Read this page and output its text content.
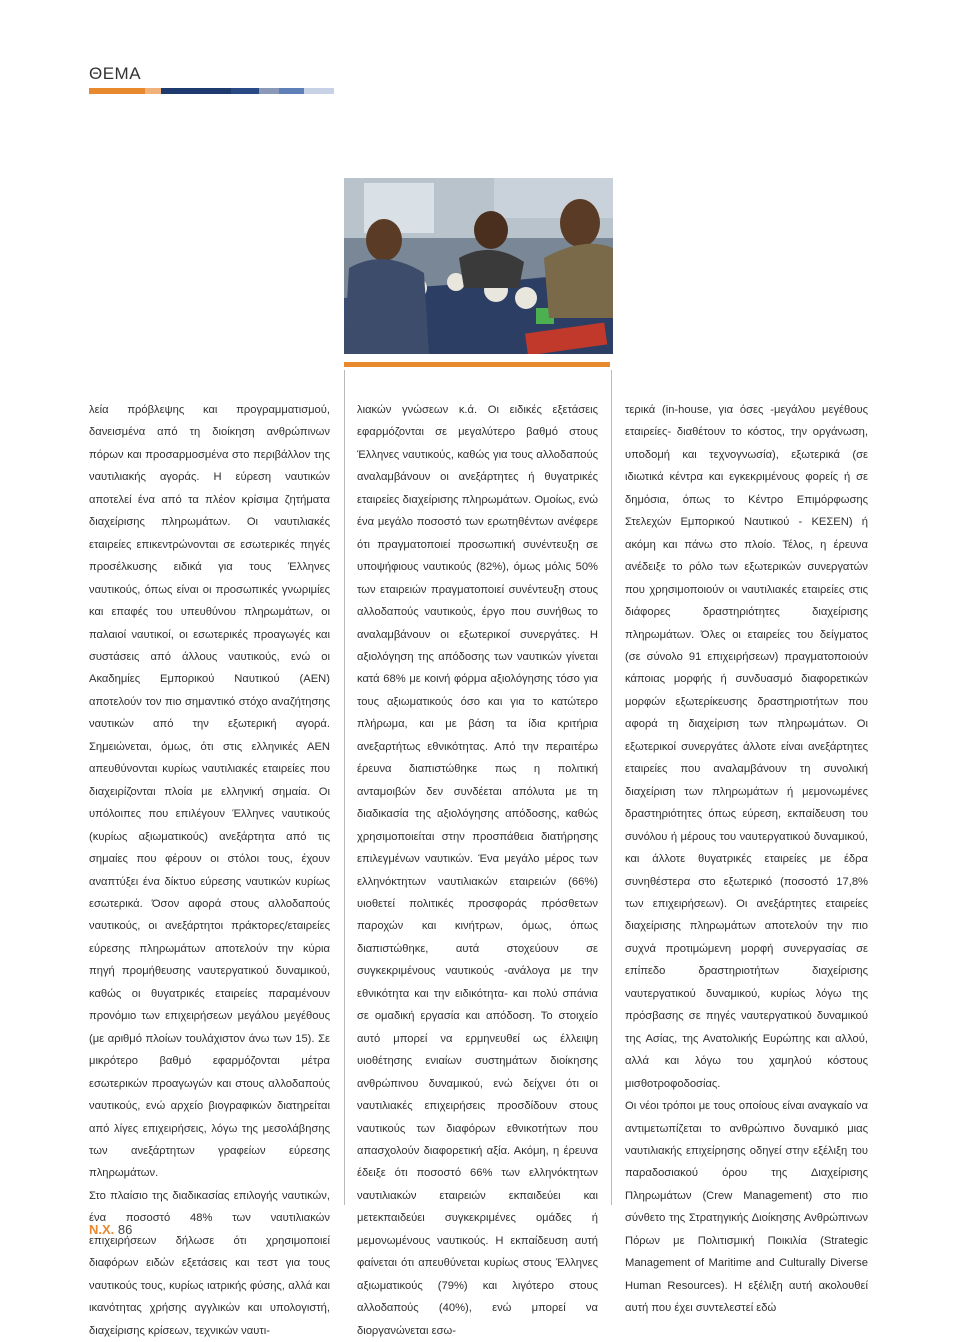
ΘΕΜΑ

λεία πρόβλεψης και προγραμματισμού, δανεισμένα από τη διοίκηση ανθρώπινων πόρων και προσαρμοσμένα στο περιβάλλον της ναυτιλιακής αγοράς. Η εύρεση ναυτικών αποτελεί ένα από τα πλέον κρίσιμα ζητήματα διαχείρισης πληρωμάτων. Οι ναυτιλιακές εταιρείες επικεντρώνονται σε εσωτερικές πηγές προσέλκυσης ειδικά για τους Έλληνες ναυτικούς, όπως είναι οι προσωπικές γνωριμίες και επαφές του υπευθύνου πληρωμάτων, οι παλαιοί ναυτικοί, οι εσωτερικές προαγωγές και συστάσεις από άλλους ναυτικούς, ενώ οι Ακαδημίες Εμπορικού Ναυτικού (ΑΕΝ) αποτελούν τον πιο σημαντικό στόχο αναζήτησης ναυτικών από την εξωτερική αγορά. Σημειώνεται, όμως, ότι στις ελληνικές ΑΕΝ απευθύνονται κυρίως ναυτιλιακές εταιρείες που διαχειρίζονται πλοία με ελληνική σημαία. Οι υπόλοιπες που επιλέγουν Έλληνες ναυτικούς (κυρίως αξιωματικούς) ανεξάρτητα από τις σημαίες που φέρουν οι στόλοι τους, έχουν αναπτύξει ένα δίκτυο εύρεσης ναυτικών κυρίως εσωτερικά. Όσον αφορά στους αλλοδαπούς ναυτικούς, οι ανεξάρτητοι πράκτορες/εταιρείες εύρεσης πληρωμάτων αποτελούν την κύρια πηγή προμήθευσης ναυτεργατικού δυναμικού, καθώς οι θυγατρικές εταιρείες παραμένουν προνόμιο των επιχειρήσεων μεγάλου μεγέθους (με αριθμό πλοίων τουλάχιστον άνω των 15). Σε μικρότερο βαθμό εφαρμόζονται μέτρα εσωτερικών προαγωγών και στους αλλοδαπούς ναυτικούς, ενώ αρχείο βιογραφικών διατηρείται από λίγες επιχειρήσεις, λόγω της μεσολάβησης των ανεξάρτητων γραφείων εύρεσης πληρωμάτων.

Στο πλαίσιο της διαδικασίας επιλογής ναυτικών, ένα ποσοστό 48% των ναυτιλιακών επιχειρήσεων δήλωσε ότι χρησιμοποιεί διαφόρων ειδών εξετάσεις και τεστ για τους ναυτικούς τους, κυρίως ιατρικής φύσης, αλλά και ικανότητας χρήσης αγγλικών και υπολογιστή, διαχείρισης κρίσεων, τεχνικών ναυτι-

λιακών γνώσεων κ.ά. Οι ειδικές εξετάσεις εφαρμόζονται σε μεγαλύτερο βαθμό στους Έλληνες ναυτικούς, καθώς για τους αλλοδαπούς αναλαμβάνουν οι ανεξάρτητες ή θυγατρικές εταιρείες διαχείρισης πληρωμάτων. Ομοίως, ενώ ένα μεγάλο ποσοστό των ερωτηθέντων ανέφερε ότι πραγματοποιεί προσωπική συνέντευξη σε υποψήφιους ναυτικούς (82%), όμως μόλις 50% των εταιρειών πραγματοποιεί συνέντευξη στους αλλοδαπούς ναυτικούς, έργο που συνήθως το αναλαμβάνουν οι εξωτερικοί συνεργάτες. Η αξιολόγηση της απόδοσης των ναυτικών γίνεται κατά 68% με κοινή φόρμα αξιολόγησης τόσο για τους αξιωματικούς όσο και για το κατώτερο πλήρωμα, και με βάση τα ίδια κριτήρια ανεξαρτήτως εθνικότητας. Από την περαιτέρω έρευνα διαπιστώθηκε πως η πολιτική ανταμοιβών δεν συνδέεται απόλυτα με τη διαδικασία της αξιολόγησης απόδοσης, καθώς χρησιμοποιείται στην προσπάθεια διατήρησης επιλεγμένων ναυτικών. Ένα μεγάλο μέρος των ελληνόκτητων ναυτιλιακών εταιρειών (66%) υιοθετεί πολιτικές προσφοράς πρόσθετων παροχών και κινήτρων, όμως, όπως διαπιστώθηκε, αυτά στοχεύουν σε συγκεκριμένους ναυτικούς -ανάλογα με την εθνικότητα και την ειδικότητα- και πολύ σπάνια σε ομαδική εργασία και απόδοση. Το στοιχείο αυτό μπορεί να ερμηνευθεί ως έλλειψη υιοθέτησης ενιαίων συστημάτων διοίκησης ανθρώπινου δυναμικού, ενώ δείχνει ότι οι ναυτιλιακές επιχειρήσεις προσδίδουν στους ναυτικούς των διαφόρων εθνικοτήτων που απασχολούν διαφορετική αξία. Ακόμη, η έρευνα έδειξε ότι ποσοστό 66% των ελληνόκτητων ναυτιλιακών εταιρειών εκπαιδεύει και μετεκπαιδεύει συγκεκριμένες ομάδες ή μεμονωμένους ναυτικούς. Η εκπαίδευση αυτή φαίνεται ότι απευθύνεται κυρίως στους Έλληνες αξιωματικούς (79%) και λιγότερο στους αλλοδαπούς (40%), ενώ μπορεί να διοργανώνεται εσω-

τερικά (in-house, για όσες -μεγάλου μεγέθους εταιρείες- διαθέτουν το κόστος, την οργάνωση, υποδομή και τεχνογνωσία), εξωτερικά (σε ιδιωτικά κέντρα και εγκεκριμένους φορείς ή σε δημόσια, όπως το Κέντρο Επιμόρφωσης Στελεχών Εμπορικού Ναυτικού - ΚΕΣΕΝ) ή ακόμη και πάνω στο πλοίο. Τέλος, η έρευνα ανέδειξε το ρόλο των εξωτερικών συνεργατών που χρησιμοποιούν οι ναυτιλιακές εταιρείες στις διάφορες δραστηριότητες διαχείρισης πληρωμάτων. Όλες οι εταιρείες του δείγματος (σε σύνολο 91 επιχειρήσεων) πραγματοποιούν κάποιας μορφής ή συνδυασμό διαφορετικών μορφών εξωτερίκευσης δραστηριοτήτων που αφορά τη διαχείριση των πληρωμάτων. Οι εξωτερικοί συνεργάτες άλλοτε είναι ανεξάρτητες εταιρείες που αναλαμβάνουν τη συνολική διαχείριση των πληρωμάτων ή μεμονωμένες δραστηριότητες όπως εύρεση, εκπαίδευση του συνόλου ή μέρους του ναυτεργατικού δυναμικού, και άλλοτε θυγατρικές εταιρείες με έδρα συνηθέστερα στο εξωτερικό (ποσοστό 17,8% των επιχειρήσεων). Οι ανεξάρτητες εταιρείες διαχείρισης πληρωμάτων αποτελούν την πιο συχνά προτιμώμενη μορφή συνεργασίας σε επίπεδο δραστηριοτήτων διαχείρισης ναυτεργατικού δυναμικού, κυρίως λόγω της πρόσβασης σε πηγές ναυτεργατικού δυναμικού της Ασίας, της Ανατολικής Ευρώπης και αλλού, αλλά και λόγω του χαμηλού κόστους μισθοτροφοδοσίας.

Οι νέοι τρόποι με τους οποίους είναι αναγκαίο να αντιμετωπίζεται το ανθρώπινο δυναμικό μιας ναυτιλιακής επιχείρησης οδηγεί στην εξέλιξη του παραδοσιακού όρου της Διαχείρισης Πληρωμάτων (Crew Management) στο πιο σύνθετο της Στρατηγικής Διοίκησης Ανθρώπινων Πόρων με Πολιτισμική Ποικιλία (Strategic Management of Maritime and Culturally Diverse Human Resources). Η εξέλιξη αυτή ακολουθεί αυτή που έχει συντελεστεί εδώ

Ν.Χ. 86
